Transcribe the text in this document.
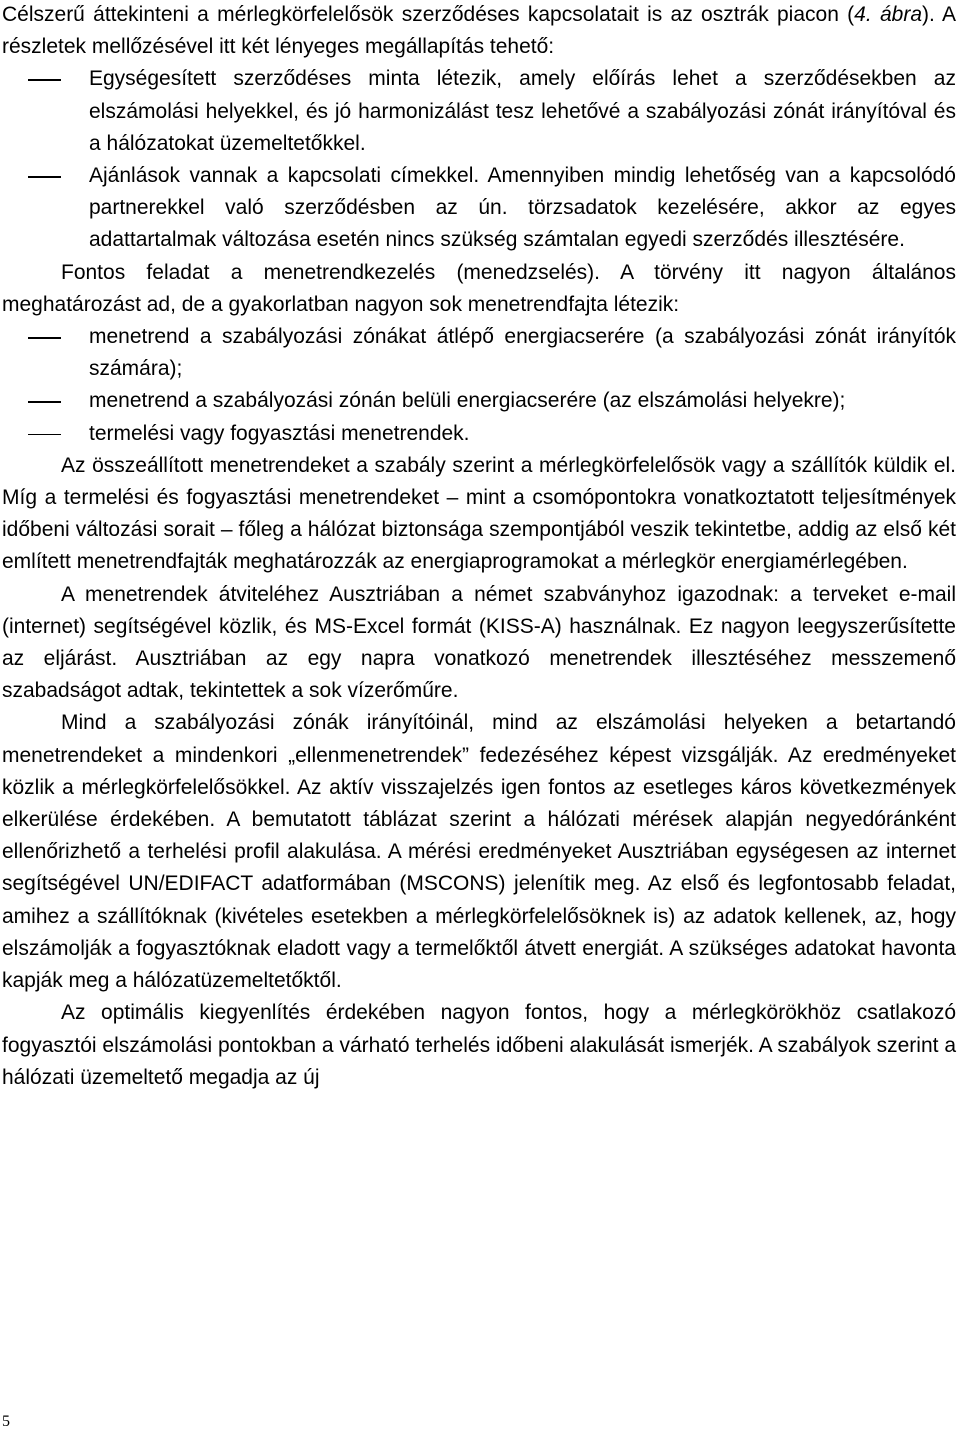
Célszerű áttekinteni a mérlegkörfelelősök szerződéses kapcsolatait is az osztrák piacon (4. ábra). A részletek mellőzésével itt két lényeges megállapítás tehető:

Egységesített szerződéses minta létezik, amely előírás lehet a szerződésekben az elszámolási helyekkel, és jó harmonizálást tesz lehetővé a szabályozási zónát irányítóval és a hálózatokat üzemeltetőkkel.
Ajánlások vannak a kapcsolati címekkel. Amennyiben mindig lehetőség van a kapcsolódó partnerekkel való szerződésben az ún. törzsadatok kezelésére, akkor az egyes adattartalmak változása esetén nincs szükség számtalan egyedi szerződés illesztésére.

Fontos feladat a menetrendkezelés (menedzselés). A törvény itt nagyon általános meghatározást ad, de a gyakorlatban nagyon sok menetrendfajta létezik:

menetrend a szabályozási zónákat átlépő energiacserére (a szabályozási zónát irányítók számára);
menetrend a szabályozási zónán belüli energiacserére (az elszámolási helyekre);
termelési vagy fogyasztási menetrendek.

Az összeállított menetrendeket a szabály szerint a mérlegkörfelelősök vagy a szállítók küldik el. Míg a termelési és fogyasztási menetrendeket – mint a csomópontokra vonatkoztatott teljesítmények időbeni változási sorait – főleg a hálózat biztonsága szempontjából veszik tekintetbe, addig az első két említett menetrendfajták meghatározzák az energiaprogramokat a mérlegkör energiamérlegében.

A menetrendek átviteléhez Ausztriában a német szabványhoz igazodnak: a terveket e-mail (internet) segítségével közlik, és MS-Excel formát (KISS-A) használnak. Ez nagyon leegyszerűsítette az eljárást. Ausztriában az egy napra vonatkozó menetrendek illesztéséhez messzemenő szabadságot adtak, tekintettek a sok vízerőműre.

Mind a szabályozási zónák irányítóinál, mind az elszámolási helyeken a betartandó menetrendeket a mindenkori „ellenmenetrendek” fedezéséhez képest vizsgálják. Az eredményeket közlik a mérlegkörfelelősökkel. Az aktív visszajelzés igen fontos az esetleges káros következmények elkerülése érdekében. A bemutatott táblázat szerint a hálózati mérések alapján negyedóránként ellenőrizhető a terhelési profil alakulása. A mérési eredményeket Ausztriában egységesen az internet segítségével UN/EDIFACT adatformában (MSCONS) jelenítik meg. Az első és legfontosabb feladat, amihez a szállítóknak (kivételes esetekben a mérlegkörfelelősöknek is) az adatok kellenek, az, hogy elszámolják a fogyasztóknak eladott vagy a termelőktől átvett energiát. A szükséges adatokat havonta kapják meg a hálózatüzemeltetőktől.

Az optimális kiegyenlítés érdekében nagyon fontos, hogy a mérlegkörökhöz csatlakozó fogyasztói elszámolási pontokban a várható terhelés időbeni alakulását ismerjék. A szabályok szerint a hálózati üzemeltető megadja az új

5
